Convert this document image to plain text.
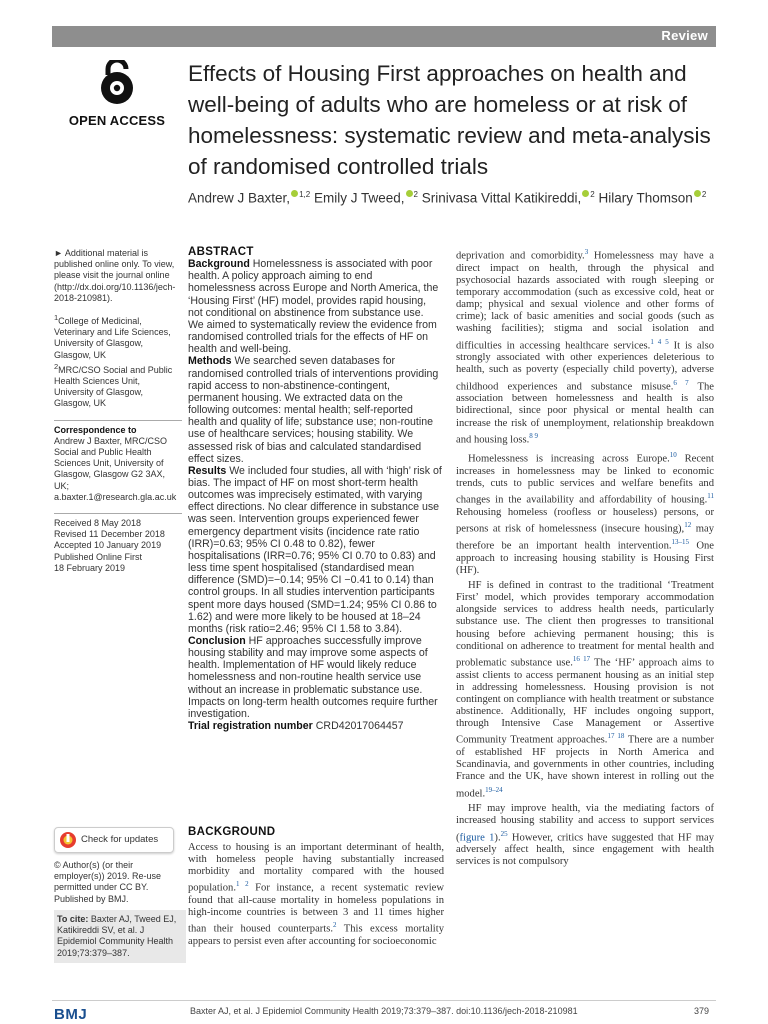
Review
OPEN ACCESS
Effects of Housing First approaches on health and well-being of adults who are homeless or at risk of homelessness: systematic review and meta-analysis of randomised controlled trials
Andrew J Baxter, $^{1,2}$ Emily J Tweed, $^2$ Srinivasa Vittal Katikireddi, $^2$ Hilary Thomson $^2$
► Additional material is published online only. To view, please visit the journal online (http://dx.doi.org/10.1136/jech-2018-210981).
$^1$College of Medicinal, Veterinary and Life Sciences, University of Glasgow, Glasgow, UK
$^2$MRC/CSO Social and Public Health Sciences Unit, University of Glasgow, Glasgow, UK
Correspondence to
Andrew J Baxter, MRC/CSO Social and Public Health Sciences Unit, University of Glasgow, Glasgow G2 3AX, UK; a.baxter.1@research.gla.ac.uk
Received 8 May 2018
Revised 11 December 2018
Accepted 10 January 2019
Published Online First
18 February 2019
Check for updates
© Author(s) (or their employer(s)) 2019. Re-use permitted under CC BY. Published by BMJ.
To cite: Baxter AJ, Tweed EJ, Katikireddi SV, et al. J Epidemiol Community Health 2019;73:379–387.
ABSTRACT
Background Homelessness is associated with poor health. A policy approach aiming to end homelessness across Europe and North America, the ‘Housing First’ (HF) model, provides rapid housing, not conditional on abstinence from substance use. We aimed to systematically review the evidence from randomised controlled trials for the effects of HF on health and well-being.
Methods We searched seven databases for randomised controlled trials of interventions providing rapid access to non-abstinence-contingent, permanent housing. We extracted data on the following outcomes: mental health; self-reported health and quality of life; substance use; non-routine use of healthcare services; housing stability. We assessed risk of bias and calculated standardised effect sizes.
Results We included four studies, all with ‘high’ risk of bias. The impact of HF on most short-term health outcomes was imprecisely estimated, with varying effect directions. No clear difference in substance use was seen. Intervention groups experienced fewer emergency department visits (incidence rate ratio (IRR)=0.63; 95% CI 0.48 to 0.82), fewer hospitalisations (IRR=0.76; 95% CI 0.70 to 0.83) and less time spent hospitalised (standardised mean difference (SMD)=−0.14; 95% CI −0.41 to 0.14) than control groups. In all studies intervention participants spent more days housed (SMD=1.24; 95% CI 0.86 to 1.62) and were more likely to be housed at 18–24 months (risk ratio=2.46; 95% CI 1.58 to 3.84).
Conclusion HF approaches successfully improve housing stability and may improve some aspects of health. Implementation of HF would likely reduce homelessness and non-routine health service use without an increase in problematic substance use. Impacts on long-term health outcomes require further investigation.
Trial registration number CRD42017064457
BACKGROUND
Access to housing is an important determinant of health, with homeless people having substantially increased morbidity and mortality compared with the housed population.$^{1 2}$ For instance, a recent systematic review found that all-cause mortality in homeless populations in high-income countries is between 3 and 11 times higher than their housed counterparts.$^2$ This excess mortality appears to persist even after accounting for socioeconomic

deprivation and comorbidity.$^3$ Homelessness may have a direct impact on health, through the physical and psychosocial hazards associated with rough sleeping or temporary accommodation (such as excessive cold, heat or damp; physical and sexual violence and other forms of crime); lack of basic amenities and social goods (such as washing facilities); stigma and social isolation and difficulties in accessing healthcare services.$^{1 4 5}$ It is also strongly associated with other experiences deleterious to health, such as poverty (especially child poverty), adverse childhood experiences and substance misuse.$^{6 7}$ The association between homelessness and health is also bidirectional, since poor physical or mental health can increase the risk of unemployment, relationship breakdown and housing loss.$^{8 9}$

Homelessness is increasing across Europe.$^{10}$ Recent increases in homelessness may be linked to economic trends, cuts to public services and welfare benefits and changes in the availability and affordability of housing.$^{11}$ Rehousing homeless (roofless or houseless) persons, or persons at risk of homelessness (insecure housing),$^{12}$ may therefore be an important health intervention.$^{13-15}$ One approach to increasing housing stability is Housing First (HF).

HF is defined in contrast to the traditional ‘Treatment First’ model, which provides temporary accommodation alongside services to address health needs, particularly substance use. The client then progresses to transitional housing before achieving permanent housing; this is conditional on adherence to treatment for mental health and problematic substance use.$^{16 17}$ The ‘HF’ approach aims to assist clients to access permanent housing as an initial step in addressing homelessness. Housing provision is not contingent on compliance with health treatment or substance abstinence. Additionally, HF includes ongoing support, through Intensive Case Management or Assertive Community Treatment approaches.$^{17 18}$ There are a number of established HF projects in North America and Scandinavia, and governments in other countries, including France and the UK, have shown interest in rolling out the model.$^{19-24}$

HF may improve health, via the mediating factors of increased housing stability and access to support services (figure 1).$^{25}$ However, critics have suggested that HF may adversely affect health, since engagement with health services is not compulsory

BMJ	Baxter AJ, et al. J Epidemiol Community Health 2019;73:379–387. doi:10.1136/jech-2018-210981	379
